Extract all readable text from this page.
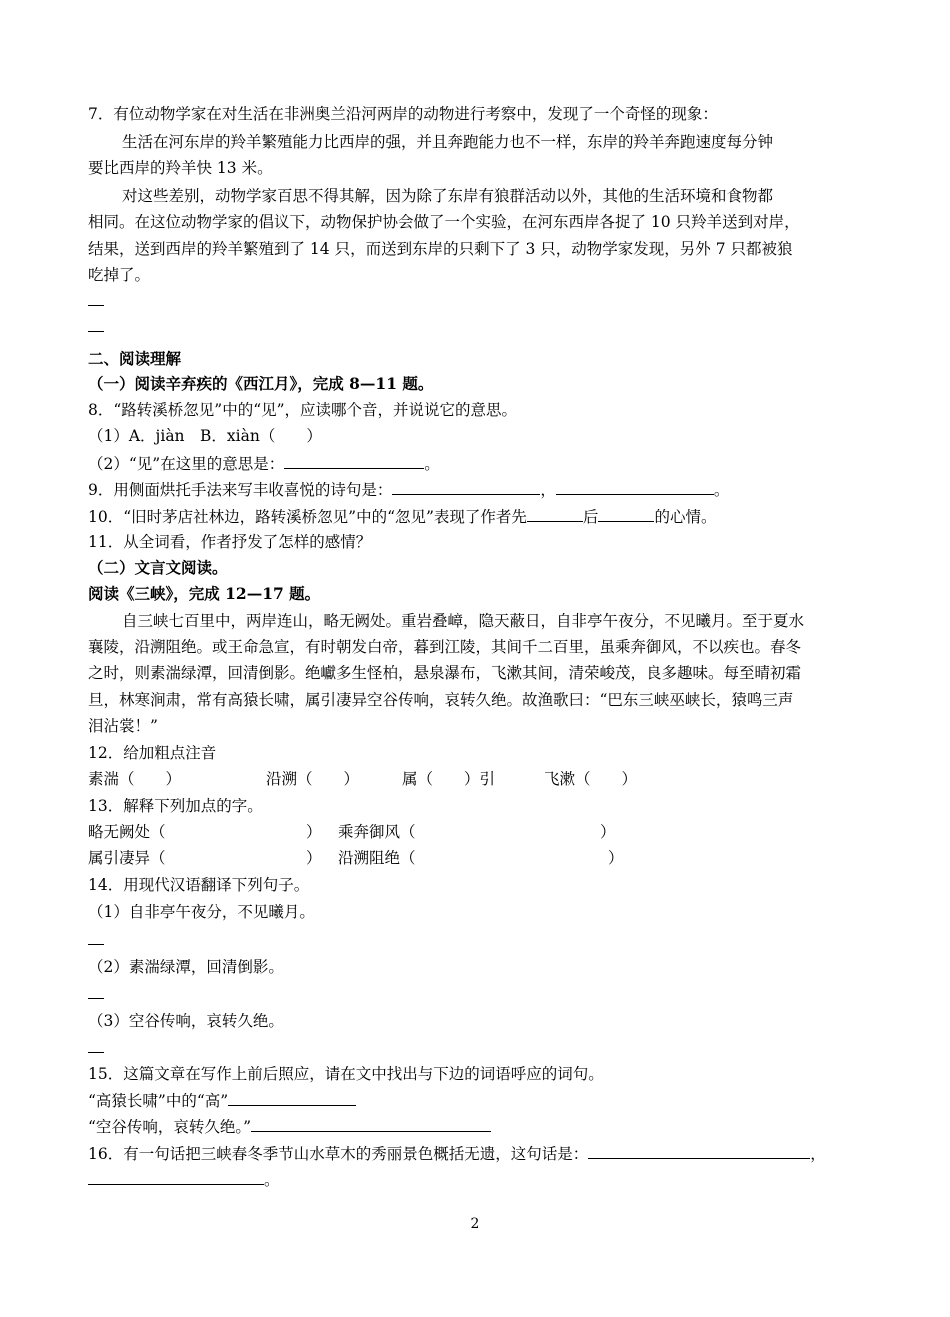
7．有位动物学家在对生活在非洲奥兰沿河两岸的动物进行考察中，发现了一个奇怪的现象：
生活在河东岸的羚羊繁殖能力比西岸的强，并且奔跑能力也不一样，东岸的羚羊奔跑速度每分钟
要比西岸的羚羊快 13 米。
对这些差别，动物学家百思不得其解，因为除了东岸有狼群活动以外，其他的生活环境和食物都
相同。在这位动物学家的倡议下，动物保护协会做了一个实验，在河东西岸各捉了 10 只羚羊送到对岸，
结果，送到西岸的羚羊繁殖到了 14 只，而送到东岸的只剩下了 3 只，动物学家发现，另外 7 只都被狼
吃掉了。
二、阅读理解
（一）阅读辛弃疾的《西江月》，完成 8—11 题。
8．“路转溪桥忽见”中的“见”，应读哪个音，并说说它的意思。
（1）A．jiàn　B．xiàn（　　）
（2）“见”在这里的意思是：	。
9．用侧面烘托手法来写丰收喜悦的诗句是：	，	。
10．“旧时茅店社林边，路转溪桥忽见”中的“忽见”表现了作者先	后	的心情。
11．从全词看，作者抒发了怎样的感情？
（二）文言文阅读。
阅读《三峡》，完成 12—17 题。
自三峡七百里中，两岸连山，略无阙处。重岩叠嶂，隐天蔽日，自非亭午夜分，不见曦月。至于夏水
襄陵，沿溯阻绝。或王命急宣，有时朝发白帝，暮到江陵，其间千二百里，虽乘奔御风，不以疾也。春冬
之时，则素湍绿潭，回清倒影。绝巘多生怪柏，悬泉瀑布，飞漱其间，清荣峻茂，良多趣味。每至晴初霜
旦，林寒涧肃，常有高猿长啸，属引凄异空谷传响，哀转久绝。故渔歌曰：“巴东三峡巫峡长，猿鸣三声
泪沾裳！”
12．给加粗点注音
素湍（　　）	沿溯（　　）	属（　　）引	飞漱（　　）
13．解释下列加点的字。
略无阙处（	） 乘奔御风（	）
属引凄异（	） 沿溯阻绝（	）
14．用现代汉语翻译下列句子。
（1）自非亭午夜分，不见曦月。
（2）素湍绿潭，回清倒影。
（3）空谷传响，哀转久绝。
15．这篇文章在写作上前后照应，请在文中找出与下边的词语呼应的词句。
“高猿长啸”中的“高”
“空谷传响，哀转久绝。”
16．有一句话把三峡春冬季节山水草木的秀丽景色概括无遗，这句话是：	，
。
2
